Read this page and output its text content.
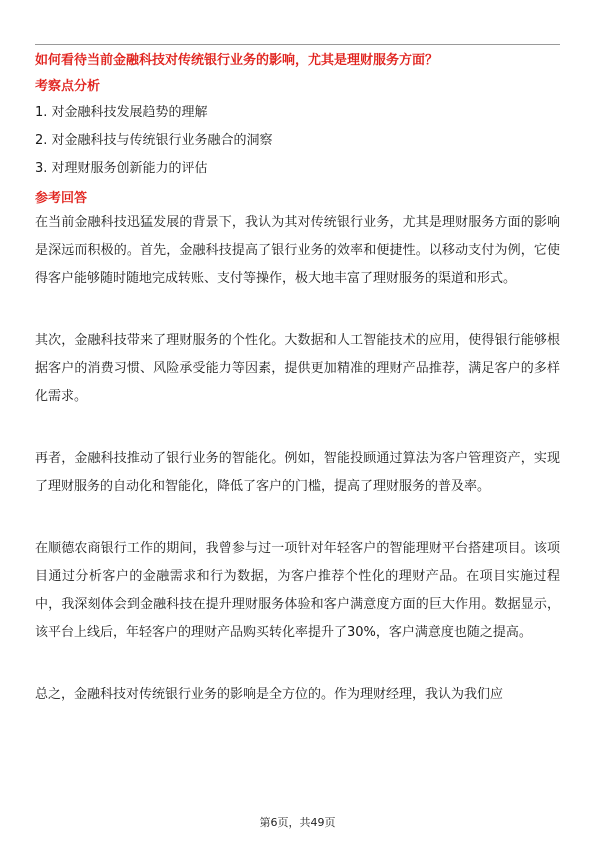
如何看待当前金融科技对传统银行业务的影响，尤其是理财服务方面？

考察点分析

1. 对金融科技发展趋势的理解
2. 对金融科技与传统银行业务融合的洞察
3. 对理财服务创新能力的评估

参考回答

在当前金融科技迅猛发展的背景下，我认为其对传统银行业务，尤其是理财服务方面的影响是深远而积极的。首先，金融科技提高了银行业务的效率和便捷性。以移动支付为例，它使得客户能够随时随地完成转账、支付等操作，极大地丰富了理财服务的渠道和形式。

其次，金融科技带来了理财服务的个性化。大数据和人工智能技术的应用，使得银行能够根据客户的消费习惯、风险承受能力等因素，提供更加精准的理财产品推荐，满足客户的多样化需求。

再者，金融科技推动了银行业务的智能化。例如，智能投顾通过算法为客户管理资产，实现了理财服务的自动化和智能化，降低了客户的门槛，提高了理财服务的普及率。

在顺德农商银行工作的期间，我曾参与过一项针对年轻客户的智能理财平台搭建项目。该项目通过分析客户的金融需求和行为数据，为客户推荐个性化的理财产品。在项目实施过程中，我深刻体会到金融科技在提升理财服务体验和客户满意度方面的巨大作用。数据显示，该平台上线后，年轻客户的理财产品购买转化率提升了30%，客户满意度也随之提高。

总之，金融科技对传统银行业务的影响是全方位的。作为理财经理，我认为我们应

第6页，共49页
